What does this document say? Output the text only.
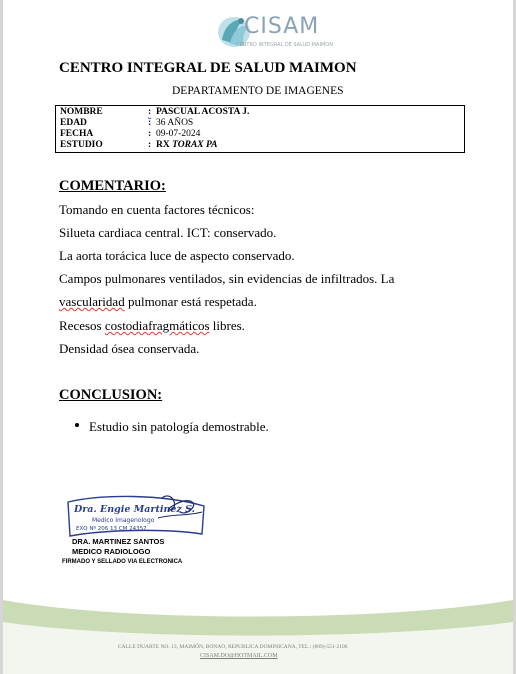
CISAM
CENTRO INTEGRAL DE SALUD MAIMON
CENTRO INTEGRAL DE SALUD MAIMON
DEPARTAMENTO DE IMAGENES
NOMBRE	: PASCUAL ACOSTA J.
EDAD	: 36 AÑOS
FECHA	: 09-07-2024
ESTUDIO	: RX TORAX PA
COMENTARIO:
Tomando en cuenta factores técnicos:
Silueta cardiaca central. ICT: conservado.
La aorta torácica luce de aspecto conservado.
Campos pulmonares ventilados, sin evidencias de infiltrados. La
vascularidad pulmonar está respetada.
Recesos costodiafragmáticos libres.
Densidad ósea conservada.
CONCLUSION:
Estudio sin patología demostrable.
Dra. Engie Martinez S.
Medico Imagenologo
EXQ Nº 206 13 CM 24357
DRA. MARTINEZ SANTOS
MEDICO RADIOLOGO
FIRMADO Y SELLADO VIA ELECTRONICA
CALLE DUARTE NO. 13, MAIMÓN, BONAO, REPUBLICA DOMINICANA, TEL.: (809)-551-2106
CISAM.DO@HOTMAIL.COM
